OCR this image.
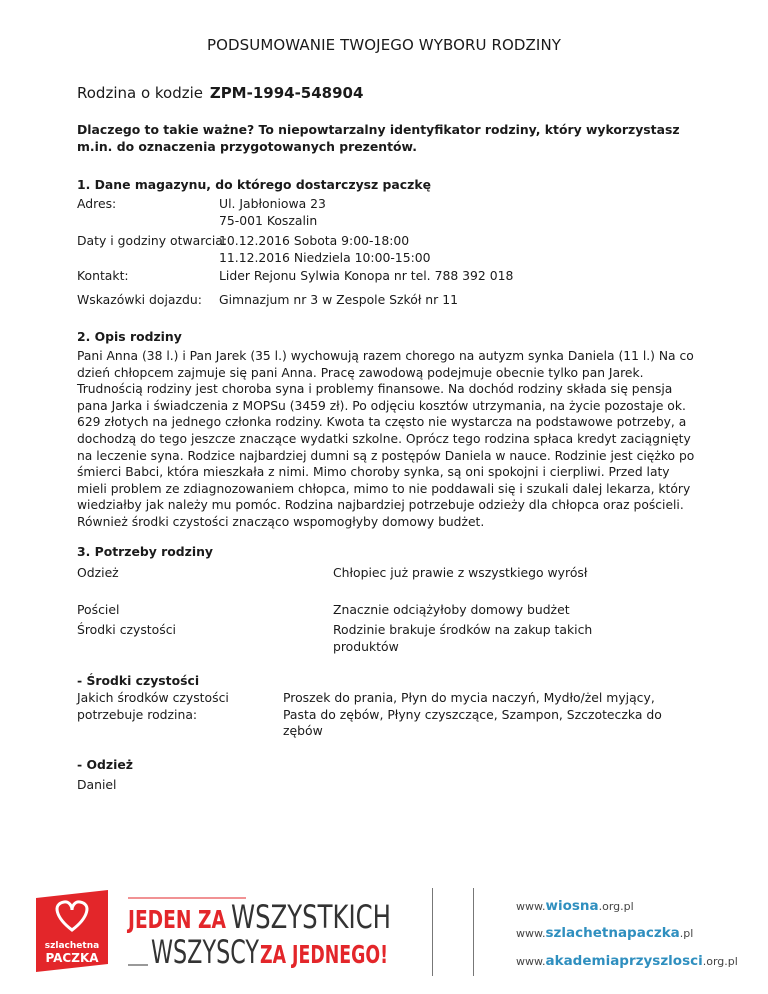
PODSUMOWANIE TWOJEGO WYBORU RODZINY
Rodzina o kodzie ZPM-1994-548904
Dlaczego to takie ważne? To niepowtarzalny identyfikator rodziny, który wykorzystasz m.in. do oznaczenia przygotowanych prezentów.
1. Dane magazynu, do którego dostarczysz paczkę
Adres:	Ul. Jabłoniowa 23
75-001 Koszalin
Daty i godziny otwarcia:
10.12.2016 Sobota 9:00-18:00
11.12.2016 Niedziela 10:00-15:00
Kontakt:	Lider Rejonu Sylwia Konopa nr tel. 788 392 018
Wskazówki dojazdu: Gimnazjum nr 3 w Zespole Szkół nr 11
2. Opis rodziny
Pani Anna (38 l.) i Pan Jarek (35 l.) wychowują razem chorego na autyzm synka Daniela (11 l.) Na co dzień chłopcem zajmuje się pani Anna. Pracę zawodową podejmuje obecnie tylko pan Jarek. Trudnością rodziny jest choroba syna i problemy finansowe. Na dochód rodziny składa się pensja pana Jarka i świadczenia z MOPSu (3459 zł). Po odjęciu kosztów utrzymania, na życie pozostaje ok. 629 złotych na jednego członka rodziny. Kwota ta często nie wystarcza na podstawowe potrzeby, a dochodzą do tego jeszcze znaczące wydatki szkolne. Oprócz tego rodzina spłaca kredyt zaciągnięty na leczenie syna. Rodzice najbardziej dumni są z postępów Daniela w nauce. Rodzinie jest ciężko po śmierci Babci, która mieszkała z nimi. Mimo choroby synka, są oni spokojni i cierpliwi. Przed laty mieli problem ze zdiagnozowaniem chłopca, mimo to nie poddawali się i szukali dalej lekarza, który wiedziałby jak należy mu pomóc. Rodzina najbardziej potrzebuje odzieży dla chłopca oraz pościeli. Również środki czystości znacząco wspomogłyby domowy budżet.
3. Potrzeby rodziny
Odzież	Chłopiec już prawie z wszystkiego wyrósł
Pościel	Znacznie odciążyłoby domowy budżet
Środki czystości	Rodzinie brakuje środków na zakup takich produktów
- Środki czystości
Jakich środków czystości potrzebuje rodzina:
Proszek do prania, Płyn do mycia naczyń, Mydło/żel myjący, Pasta do zębów, Płyny czyszczące, Szampon, Szczoteczka do zębów
- Odzież
Daniel
szlachetna
PACZKA
JEDEN ZA WSZYSTKICH
WSZYSCY ZA JEDNEGO!
www.wiosna.org.pl
www.szlachetnapaczka.pl
www.akademiaprzyszlosci.org.pl
